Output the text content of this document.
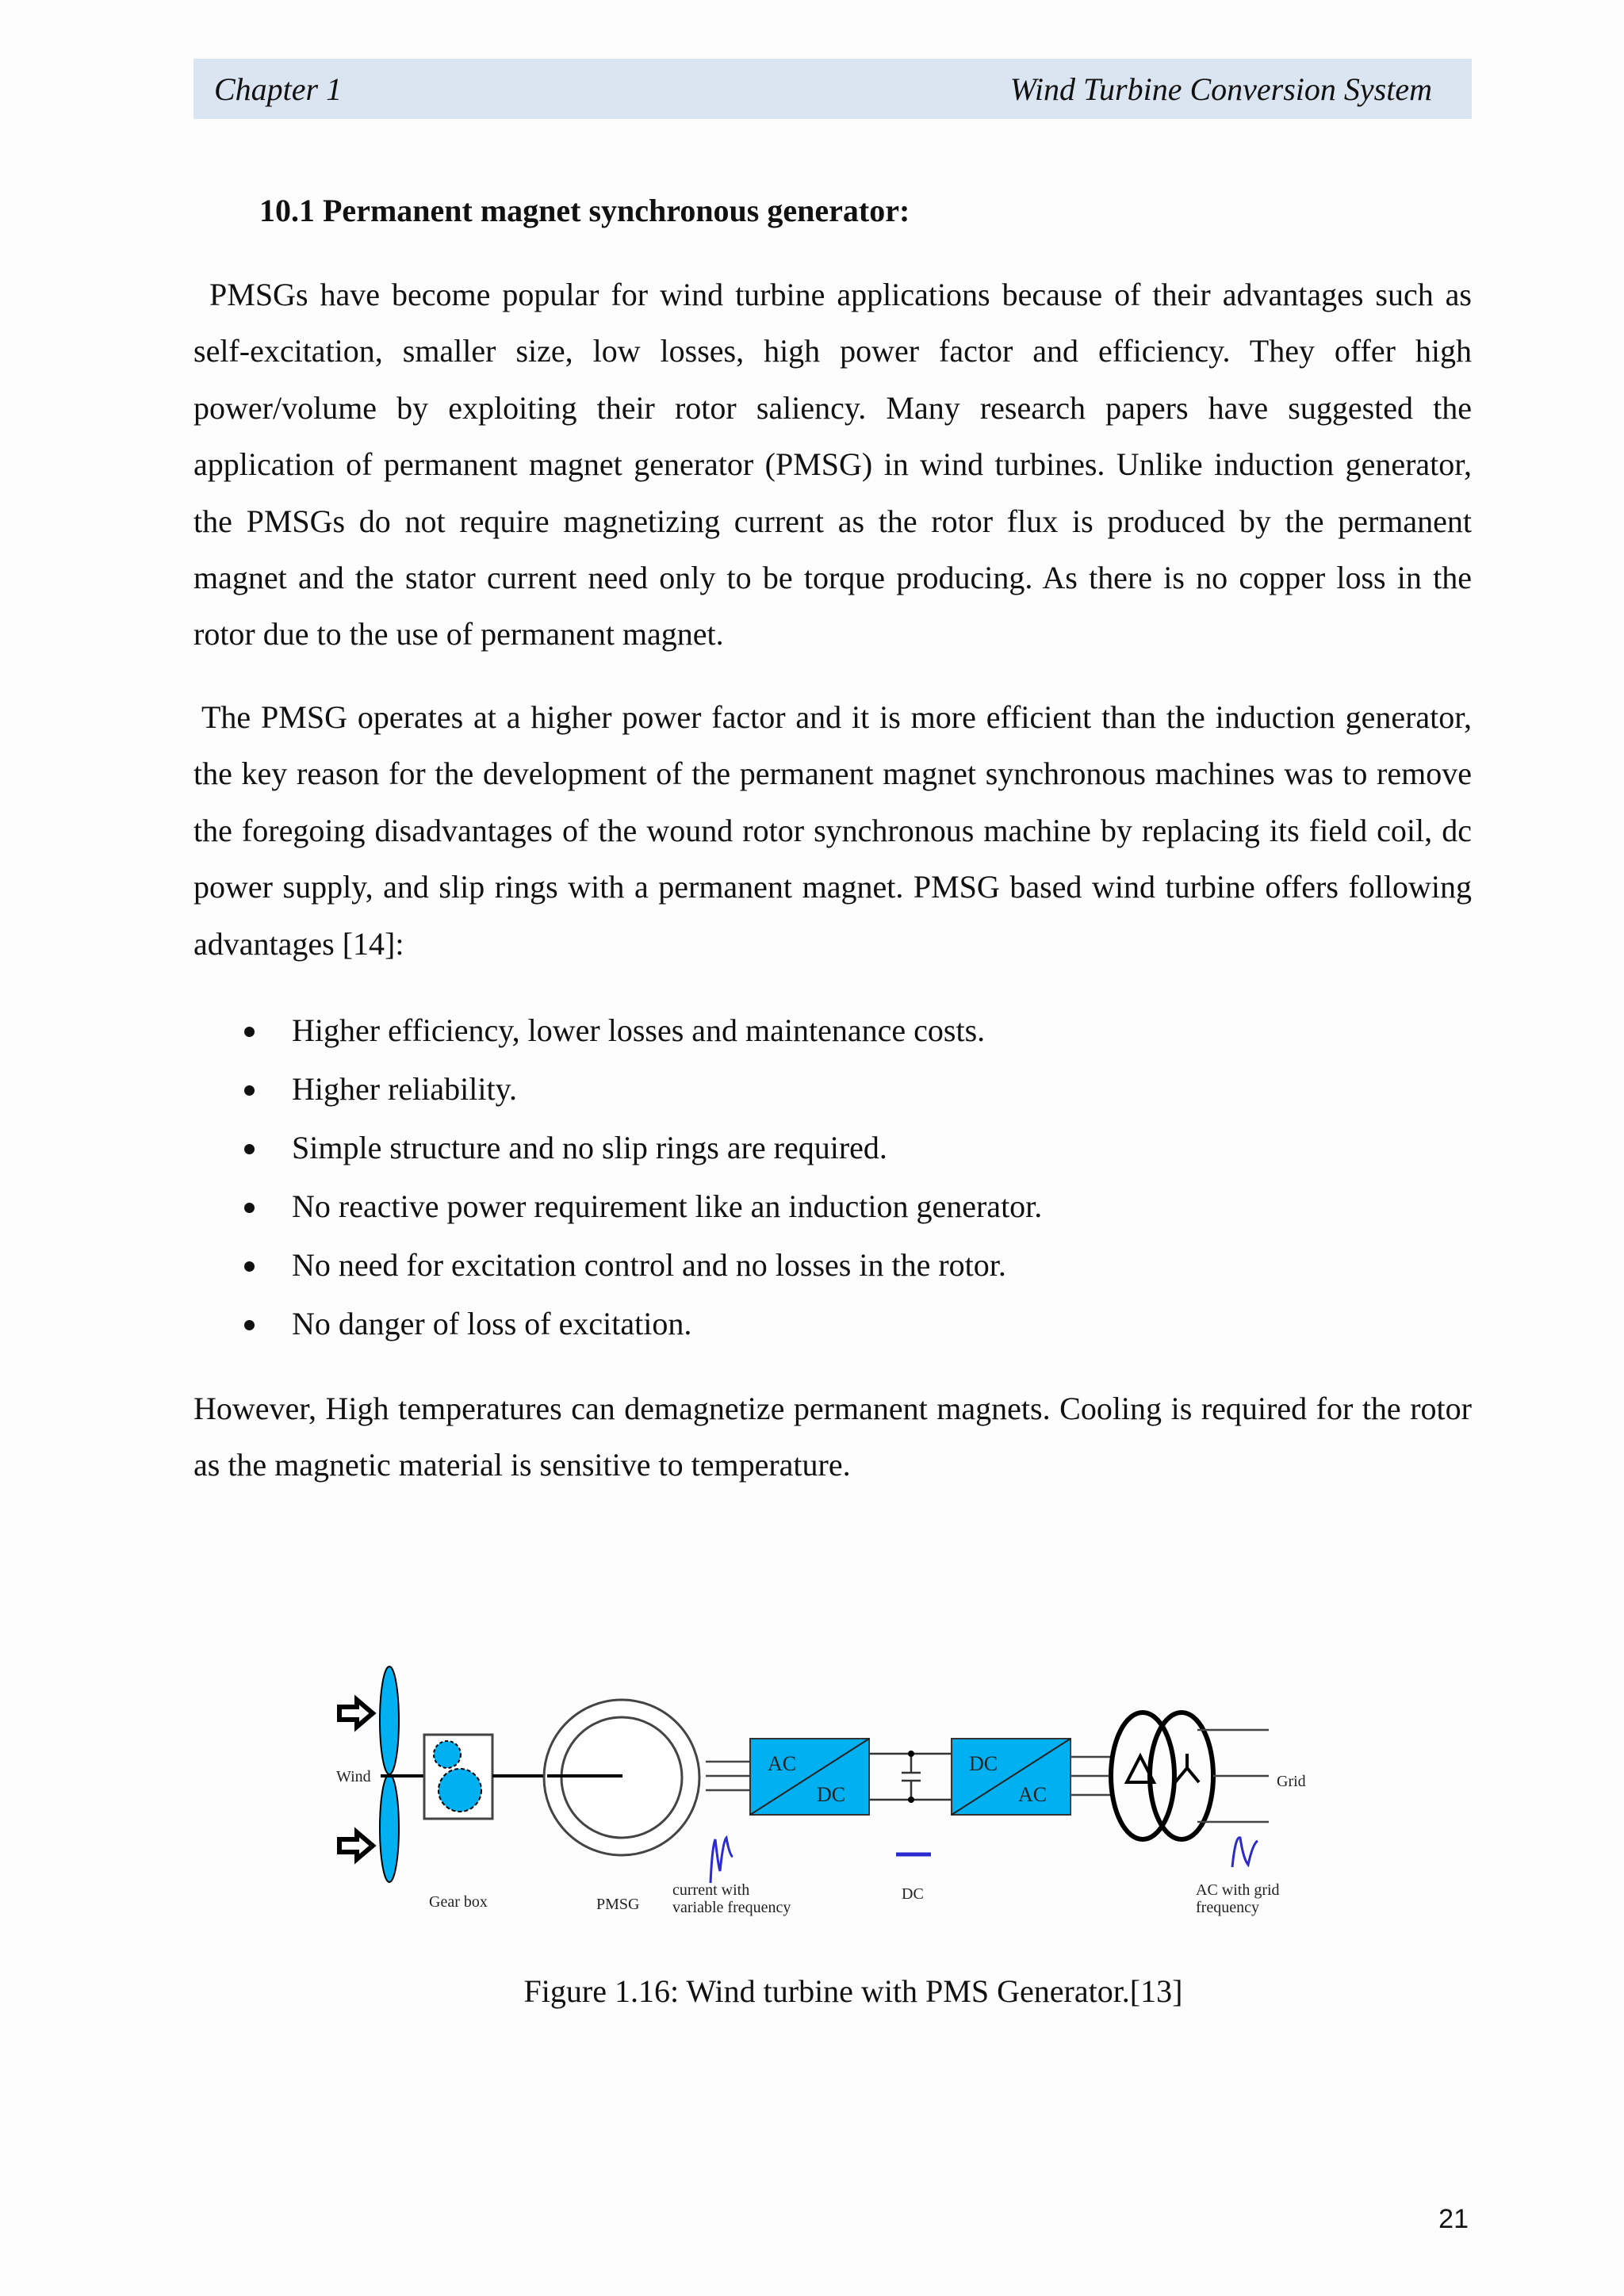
Chapter 1	Wind Turbine Conversion System
10.1 Permanent magnet synchronous generator:

PMSGs have become popular for wind turbine applications because of their advantages such as self-excitation, smaller size, low losses, high power factor and efficiency. They offer high power/volume by exploiting their rotor saliency. Many research papers have suggested the application of permanent magnet generator (PMSG) in wind turbines. Unlike induction generator, the PMSGs do not require magnetizing current as the rotor flux is produced by the permanent magnet and the stator current need only to be torque producing. As there is no copper loss in the rotor due to the use of permanent magnet.

The PMSG operates at a higher power factor and it is more efficient than the induction generator, the key reason for the development of the permanent magnet synchronous machines was to remove the foregoing disadvantages of the wound rotor synchronous machine by replacing its field coil, dc power supply, and slip rings with a permanent magnet. PMSG based wind turbine offers following advantages [14]:

Higher efficiency, lower losses and maintenance costs.
Higher reliability.
Simple structure and no slip rings are required.
No reactive power requirement like an induction generator.
No need for excitation control and no losses in the rotor.
No danger of loss of excitation.

However, High temperatures can demagnetize permanent magnets. Cooling is required for the rotor as the magnetic material is sensitive to temperature.

Wind
Gear box	PMSG
AC
DC
DC
AC
Grid
current with
variable frequency
DC	AC with grid
frequency
Figure 1.16: Wind turbine with PMS Generator.[13]
21
